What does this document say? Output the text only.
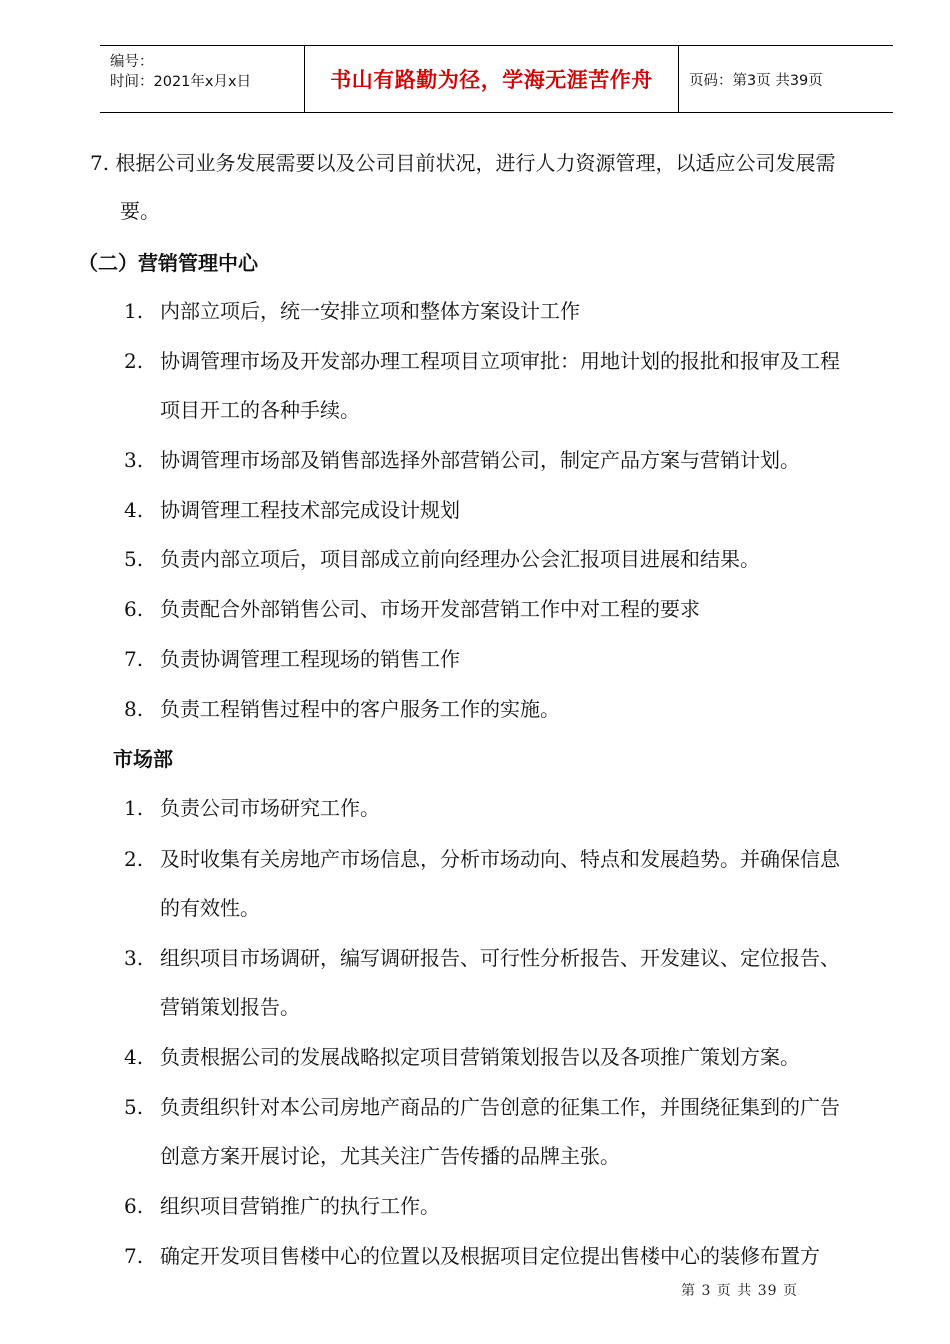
编号：
时间：2021年x月x日	书山有路勤为径，学海无涯苦作舟	页码：第3页 共39页
7. 根据公司业务发展需要以及公司目前状况，进行人力资源管理，以适应公司发展需
要。
（二）营销管理中心
1. 内部立项后，统一安排立项和整体方案设计工作
2. 协调管理市场及开发部办理工程项目立项审批：用地计划的报批和报审及工程
项目开工的各种手续。
3. 协调管理市场部及销售部选择外部营销公司，制定产品方案与营销计划。
4. 协调管理工程技术部完成设计规划
5. 负责内部立项后，项目部成立前向经理办公会汇报项目进展和结果。
6. 负责配合外部销售公司、市场开发部营销工作中对工程的要求
7. 负责协调管理工程现场的销售工作
8. 负责工程销售过程中的客户服务工作的实施。
市场部
1. 负责公司市场研究工作。
2. 及时收集有关房地产市场信息，分析市场动向、特点和发展趋势。并确保信息
的有效性。
3. 组织项目市场调研，编写调研报告、可行性分析报告、开发建议、定位报告、
营销策划报告。
4. 负责根据公司的发展战略拟定项目营销策划报告以及各项推广策划方案。
5. 负责组织针对本公司房地产商品的广告创意的征集工作，并围绕征集到的广告
创意方案开展讨论，尤其关注广告传播的品牌主张。
6. 组织项目营销推广的执行工作。
7. 确定开发项目售楼中心的位置以及根据项目定位提出售楼中心的装修布置方
第 3 页 共 39 页
